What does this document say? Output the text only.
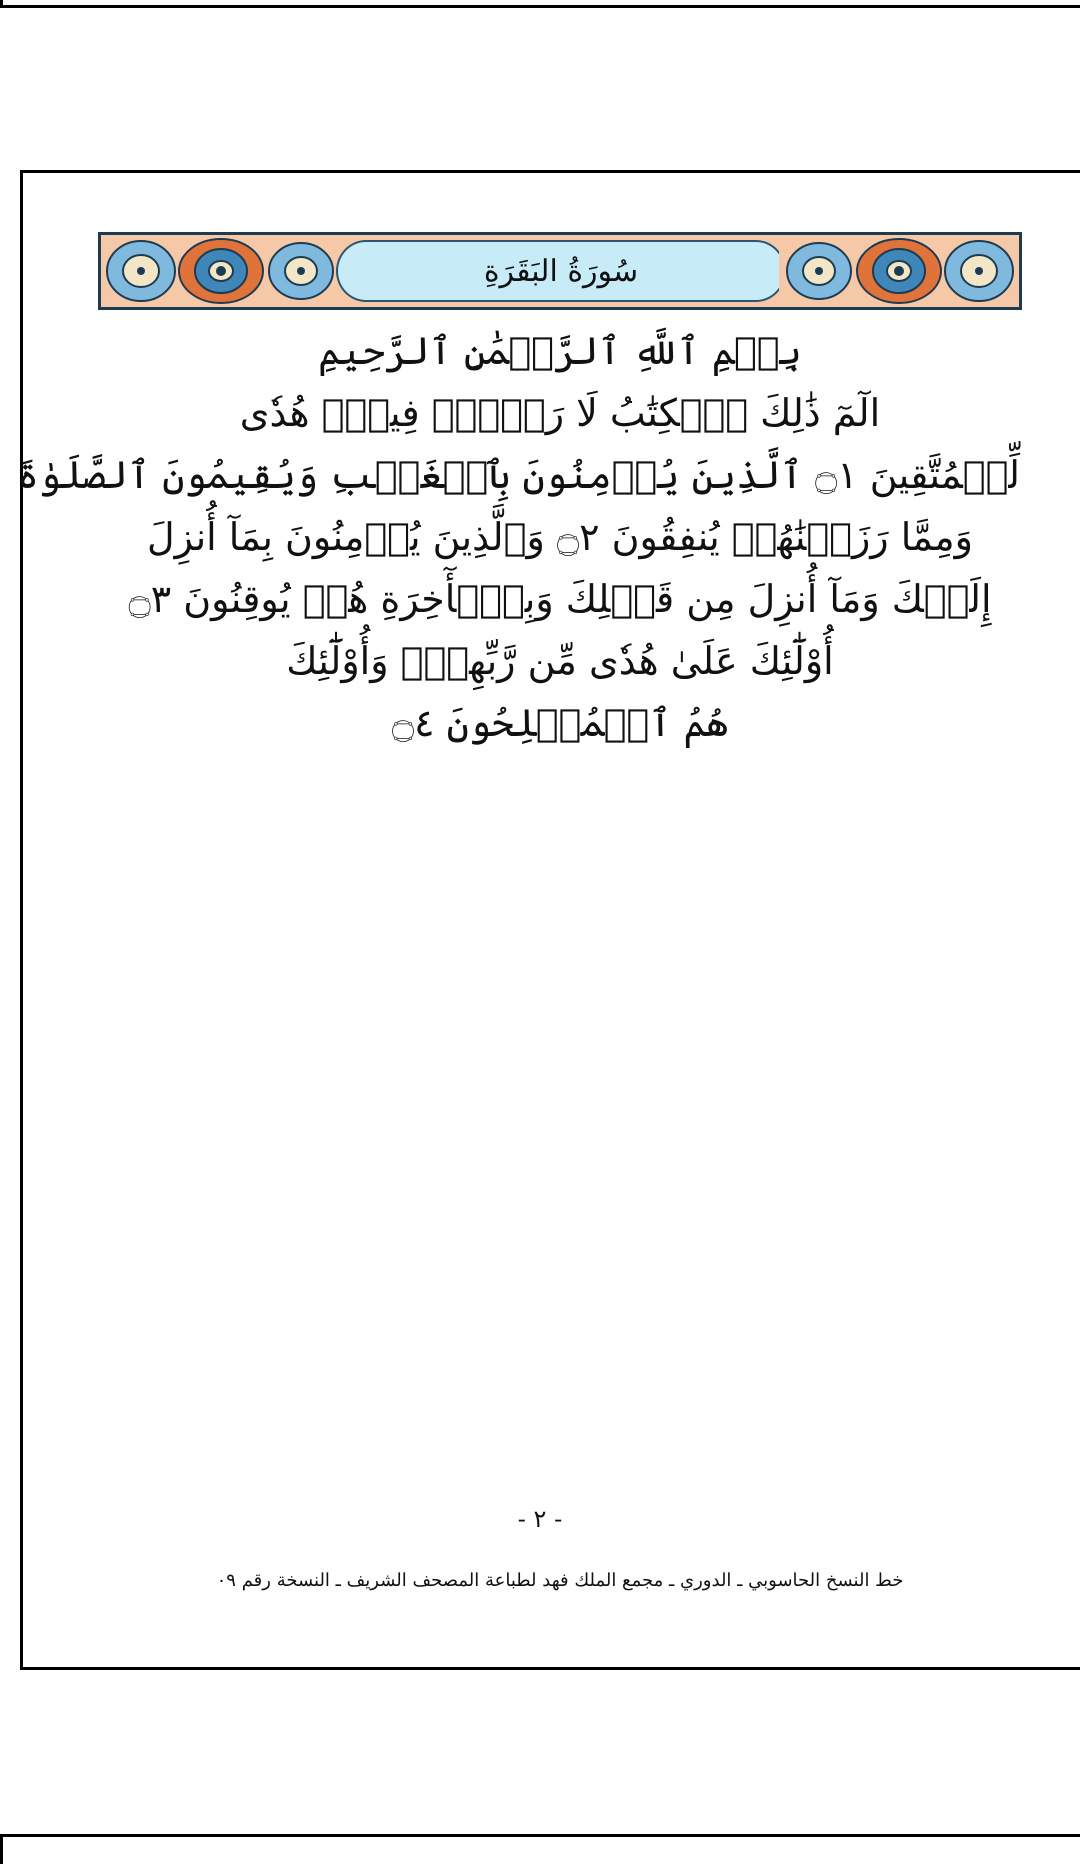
سُورَةُ البَقَرَةِ
بِسۡمِ ٱللَّهِ ٱلرَّحۡمَٰنِ ٱلرَّحِيمِ
الٓمٓ ذَٰلِكَ ٱلۡكِتَٰبُ لَا رَيۡبَۛ فِيهِۛ هُدٗى
لِّلۡمُتَّقِينَ ۝١ ٱلَّذِينَ يُؤۡمِنُونَ بِٱلۡغَيۡبِ وَيُقِيمُونَ ٱلصَّلَوٰةَ
وَمِمَّا رَزَقۡنَٰهُمۡ يُنفِقُونَ ۝٢ وَٱلَّذِينَ يُؤۡمِنُونَ بِمَآ أُنزِلَ
إِلَيۡكَ وَمَآ أُنزِلَ مِن قَبۡلِكَ وَبِٱلۡأٓخِرَةِ هُمۡ يُوقِنُونَ ۝٣
أُوْلَٰٓئِكَ عَلَىٰ هُدٗى مِّن رَّبِّهِمۡۖ وَأُوْلَٰٓئِكَ
هُمُ ٱلۡمُفۡلِحُونَ ۝٤
- ٢ -
خط النسخ الحاسوبي ـ الدوري ـ مجمع الملك فهد لطباعة المصحف الشريف ـ النسخة رقم ٠٩
